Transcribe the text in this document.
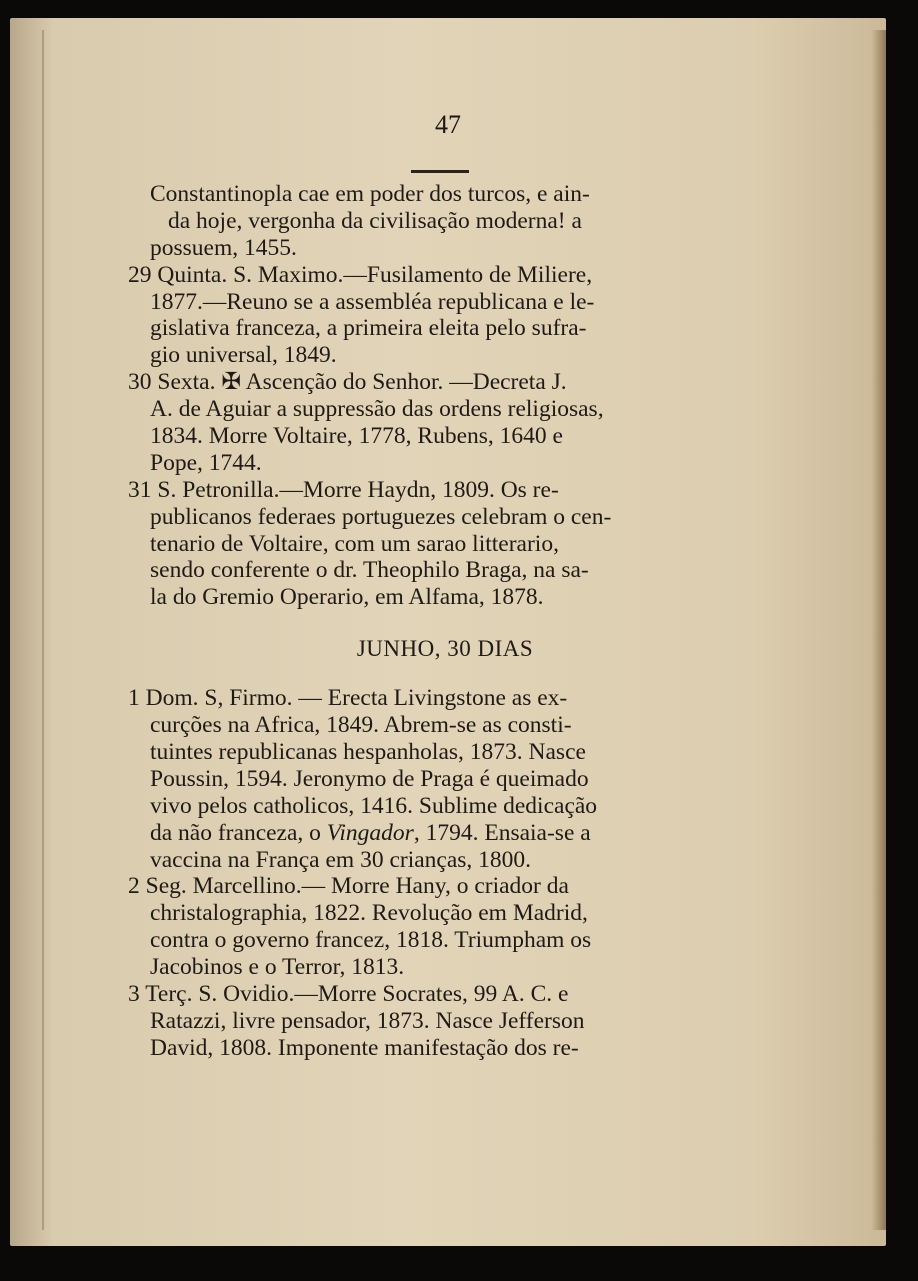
47
Constantinopla cae em poder dos turcos, e ain-
da hoje, vergonha da civilisação moderna! a
possuem, 1455.
29 Quinta. S. Maximo.—Fusilamento de Miliere,
1877.—Reuno se a assembléa republicana e le-
gislativa franceza, a primeira eleita pelo sufra-
gio universal, 1849.
30 Sexta. ✠ Ascenção do Senhor. —Decreta J.
A. de Aguiar a suppressão das ordens religiosas,
1834. Morre Voltaire, 1778, Rubens, 1640 e
Pope, 1744.
31 S. Petronilla.—Morre Haydn, 1809. Os re-
publicanos federaes portuguezes celebram o cen-
tenario de Voltaire, com um sarao litterario,
sendo conferente o dr. Theophilo Braga, na sa-
la do Gremio Operario, em Alfama, 1878.
JUNHO, 30 DIAS
1 Dom. S, Firmo. — Erecta Livingstone as ex-
curções na Africa, 1849. Abrem-se as consti-
tuintes republicanas hespanholas, 1873. Nasce
Poussin, 1594. Jeronymo de Praga é queimado
vivo pelos catholicos, 1416. Sublime dedicação
da não franceza, o Vingador, 1794. Ensaia-se a
vaccina na França em 30 crianças, 1800.
2 Seg. Marcellino.— Morre Hany, o criador da
christalographia, 1822. Revolução em Madrid,
contra o governo francez, 1818. Triumpham os
Jacobinos e o Terror, 1813.
3 Terç. S. Ovidio.—Morre Socrates, 99 A. C. e
Ratazzi, livre pensador, 1873. Nasce Jefferson
David, 1808. Imponente manifestação dos re-
